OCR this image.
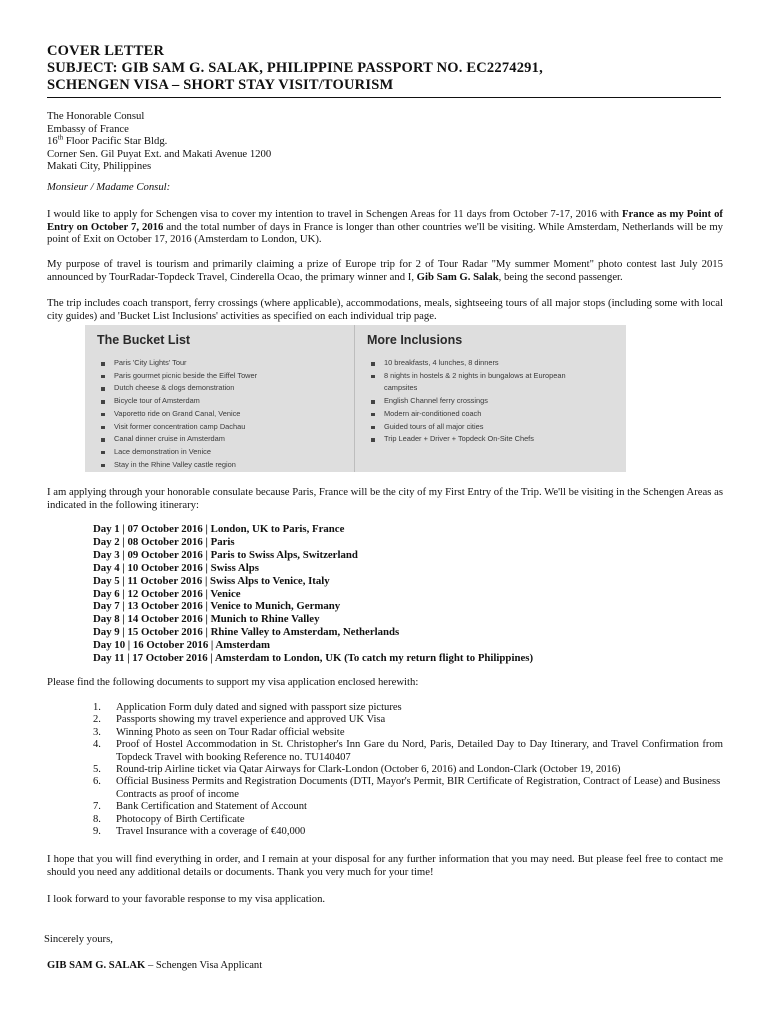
COVER LETTER
SUBJECT: GIB SAM G. SALAK, PHILIPPINE PASSPORT NO. EC2274291,
SCHENGEN VISA – SHORT STAY VISIT/TOURISM
The Honorable Consul
Embassy of France
16th Floor Pacific Star Bldg.
Corner Sen. Gil Puyat Ext. and Makati Avenue 1200
Makati City, Philippines
Monsieur / Madame Consul:
I would like to apply for Schengen visa to cover my intention to travel in Schengen Areas for 11 days from October 7-17, 2016 with France as my Point of Entry on October 7, 2016 and the total number of days in France is longer than other countries we'll be visiting. While Amsterdam, Netherlands will be my point of Exit on October 17, 2016 (Amsterdam to London, UK).
My purpose of travel is tourism and primarily claiming a prize of Europe trip for 2 of Tour Radar "My summer Moment" photo contest last July 2015 announced by TourRadar-Topdeck Travel, Cinderella Ocao, the primary winner and I, Gib Sam G. Salak, being the second passenger.
The trip includes coach transport, ferry crossings (where applicable), accommodations, meals, sightseeing tours of all major stops (including some with local city guides) and 'Bucket List Inclusions' activities as specified on each individual trip page.
The Bucket List
Paris 'City Lights' Tour
Paris gourmet picnic beside the Eiffel Tower
Dutch cheese & clogs demonstration
Bicycle tour of Amsterdam
Vaporetto ride on Grand Canal, Venice
Visit former concentration camp Dachau
Canal dinner cruise in Amsterdam
Lace demonstration in Venice
Stay in the Rhine Valley castle region
More Inclusions
10 breakfasts, 4 lunches, 8 dinners
8 nights in hostels & 2 nights in bungalows at European
campsites
English Channel ferry crossings
Modern air-conditioned coach
Guided tours of all major cities
Trip Leader + Driver + Topdeck On-Site Chefs
I am applying through your honorable consulate because Paris, France will be the city of my First Entry of the Trip. We'll be visiting in the Schengen Areas as indicated in the following itinerary:
Day 1 | 07 October 2016 | London, UK to Paris, France
Day 2 | 08 October 2016 | Paris
Day 3 | 09 October 2016 | Paris to Swiss Alps, Switzerland
Day 4 | 10 October 2016 | Swiss Alps
Day 5 | 11 October 2016 | Swiss Alps to Venice, Italy
Day 6 | 12 October 2016 | Venice
Day 7 | 13 October 2016 | Venice to Munich, Germany
Day 8 | 14 October 2016 | Munich to Rhine Valley
Day 9 | 15 October 2016 | Rhine Valley to Amsterdam, Netherlands
Day 10 | 16 October 2016 | Amsterdam
Day 11 | 17 October 2016 | Amsterdam to London, UK (To catch my return flight to Philippines)
Please find the following documents to support my visa application enclosed herewith:
1. Application Form duly dated and signed with passport size pictures
2. Passports showing my travel experience and approved UK Visa
3. Winning Photo as seen on Tour Radar official website
4. Proof of Hostel Accommodation in St. Christopher's Inn Gare du Nord, Paris, Detailed Day to Day Itinerary, and Travel Confirmation from Topdeck Travel with booking Reference no. TU140407
5. Round-trip Airline ticket via Qatar Airways for Clark-London (October 6, 2016) and London-Clark (October 19, 2016)
6. Official Business Permits and Registration Documents (DTI, Mayor's Permit, BIR Certificate of Registration, Contract of Lease) and Business Contracts as proof of income
7. Bank Certification and Statement of Account
8. Photocopy of Birth Certificate
9. Travel Insurance with a coverage of €40,000
I hope that you will find everything in order, and I remain at your disposal for any further information that you may need. But please feel free to contact me should you need any additional details or documents. Thank you very much for your time!
I look forward to your favorable response to my visa application.
Sincerely yours,
GIB SAM G. SALAK – Schengen Visa Applicant
